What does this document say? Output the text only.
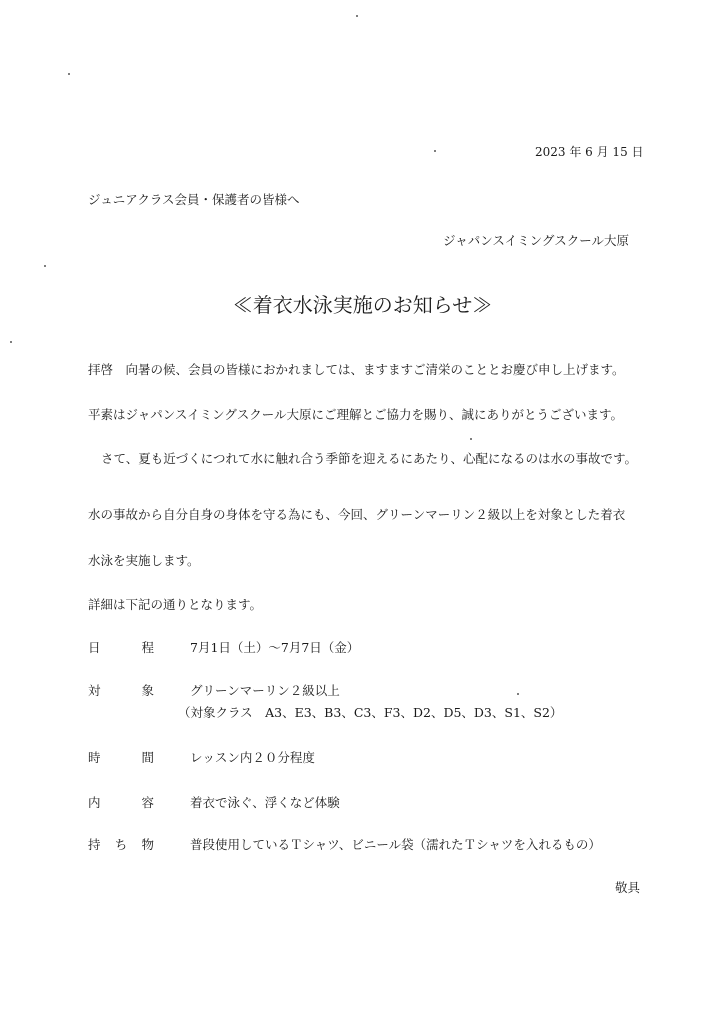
2023 年 6 月 15 日
ジュニアクラス会員・保護者の皆様へ
ジャパンスイミングスクール大原
≪着衣水泳実施のお知らせ≫
拝啓　向暑の候、会員の皆様におかれましては、ますますご清栄のこととお慶び申し上げます。
平素はジャパンスイミングスクール大原にご理解とご協力を賜り、誠にありがとうございます。
さて、夏も近づくにつれて水に触れ合う季節を迎えるにあたり、心配になるのは水の事故です。
水の事故から自分自身の身体を守る為にも、今回、グリーンマーリン２級以上を対象とした着衣
水泳を実施します。
詳細は下記の通りとなります。
日	程	7月1日（土）～7月7日（金）
対	象	グリーンマーリン２級以上
（対象クラス　A3、E3、B3、C3、F3、D2、D5、D3、S1、S2）
時	間	レッスン内２０分程度
内	容	着衣で泳ぐ、浮くなど体験
持 ち 物	普段使用しているＴシャツ、ビニール袋（濡れたＴシャツを入れるもの）
敬具
